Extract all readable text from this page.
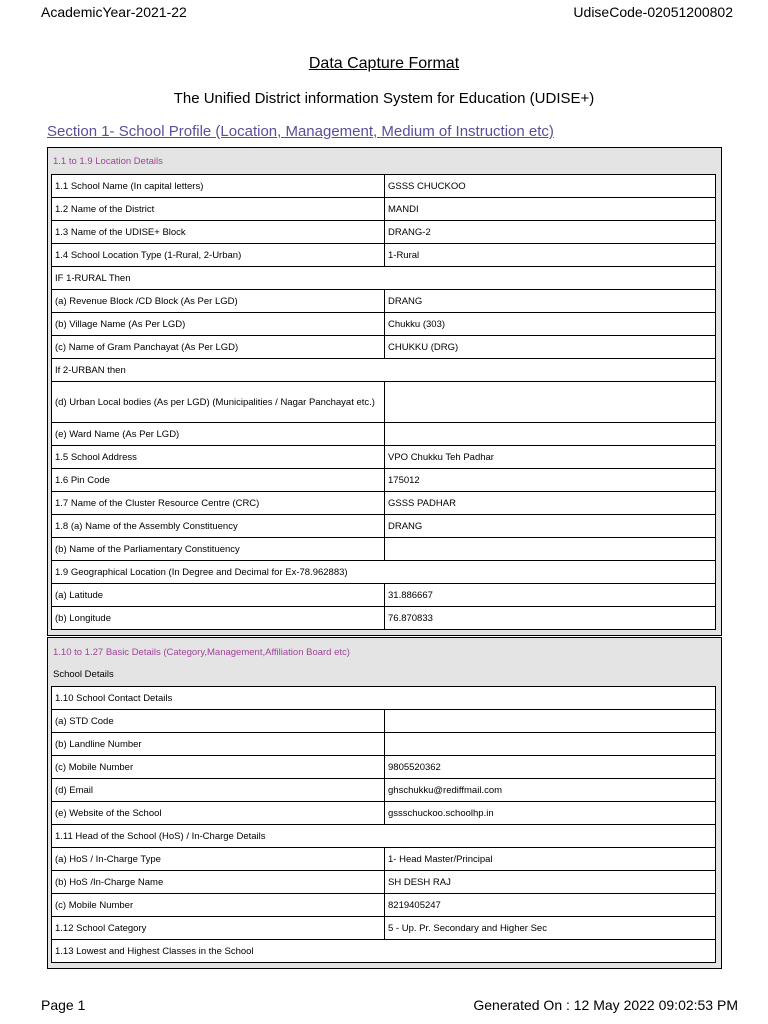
AcademicYear-2021-22	UdiseCode-02051200802
Data Capture Format
The Unified District information System for Education (UDISE+)
Section 1- School Profile (Location, Management, Medium of Instruction etc)
1.1 to 1.9 Location Details
1.1 School Name (In capital letters)	GSSS CHUCKOO
1.2 Name of the District	MANDI
1.3 Name of the UDISE+ Block	DRANG-2
1.4 School Location Type (1-Rural, 2-Urban)	1-Rural
IF 1-RURAL Then
(a) Revenue Block /CD Block (As Per LGD)	DRANG
(b) Village Name (As Per LGD)	Chukku (303)
(c) Name of Gram Panchayat (As Per LGD)	CHUKKU (DRG)
If 2-URBAN then
(d) Urban Local bodies (As per LGD) (Municipalities / Nagar Panchayat etc.)
(e) Ward Name (As Per LGD)
1.5 School Address	VPO Chukku Teh Padhar
1.6 Pin Code	175012
1.7 Name of the Cluster Resource Centre (CRC)	GSSS PADHAR
1.8 (a) Name of the Assembly Constituency	DRANG
(b) Name of the Parliamentary Constituency
1.9 Geographical Location (In Degree and Decimal for Ex-78.962883)
(a) Latitude	31.886667
(b) Longitude	76.870833
1.10 to 1.27 Basic Details (Category,Management,Affiliation Board etc)
School Details
1.10 School Contact Details
(a) STD Code
(b) Landline Number
(c) Mobile Number	9805520362
(d) Email	ghschukku@rediffmail.com
(e) Website of the School	gssschuckoo.schoolhp.in
1.11 Head of the School (HoS) / In-Charge Details
(a) HoS / In-Charge Type	1- Head Master/Principal
(b) HoS /In-Charge Name	SH DESH RAJ
(c) Mobile Number	8219405247
1.12 School Category	5 - Up. Pr. Secondary and Higher Sec
1.13 Lowest and Highest Classes in the School
Page 1	Generated On : 12 May 2022 09:02:53 PM
